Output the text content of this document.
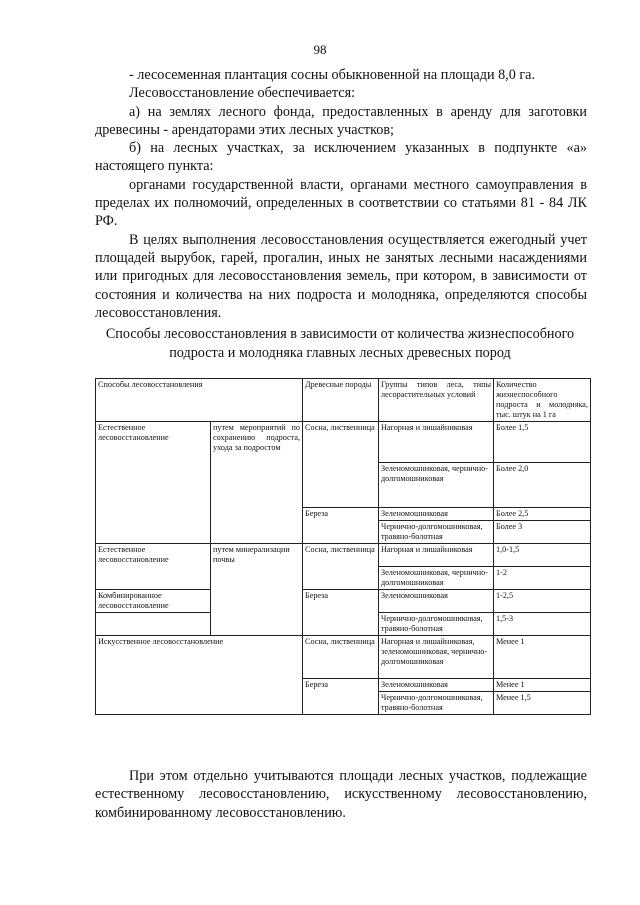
98

- лесосеменная плантация сосны обыкновенной на площади 8,0 га.

Лесовосстановление обеспечивается:

а) на землях лесного фонда, предоставленных в аренду для заготовки древесины - арендаторами этих лесных участков;

б) на лесных участках, за исключением указанных в подпункте «а» настоящего пункта:

органами государственной власти, органами местного самоуправления в пределах их полномочий, определенных в соответствии со статьями 81 - 84 ЛК РФ.

В целях выполнения лесовосстановления осуществляется ежегодный учет площадей вырубок, гарей, прогалин, иных не занятых лесными насаждениями или пригодных для лесовосстановления земель, при котором, в зависимости от состояния и количества на них подроста и молодняка, определяются способы лесовосстановления.

Способы лесовосстановления в зависимости от количества жизнеспособного подроста и молодняка главных лесных древесных пород
Способы лесовосстановления		Древесные породы	Группы типов леса, типы лесорастительных условий	Количество жизнеспособного подроста и молодняка, тыс. штук на 1 га
Естественное лесовосстановление	путем мероприятий по сохранению подроста, ухода за подростом	Сосна, лиственница	Нагорная и лишайниковая	Более 1,5
			Зеленомошниковая, чернично-долгомошниковая	Более 2,0
		Береза	Зеленомошниковая	Более 2,5
			Чернично-долгомошниковая, травяно-болотная	Более 3
Естественное лесовосстановление	путем минерализации почвы	Сосна, лиственница	Нагорная и лишайниковая	1,0-1,5
			Зеленомошниковая, чернично-долгомошниковая	1-2
Комбинированное лесовосстановление		Береза	Зеленомошниковая	1-2,5
			Чернично-долгомошниковая, травяно-болотная	1,5-3
Искусственное лесовосстановление		Сосна, лиственница	Нагорная и лишайниковая, зеленомошниковая, чернично-долгомошниковая	Менее 1
		Береза	Зеленомошниковая	Менее 1
			Чернично-долгомошниковая, травяно-болотная	Менее 1,5

При этом отдельно учитываются площади лесных участков, подлежащие естественному лесовосстановлению, искусственному лесовосстановлению, комбинированному лесовосстановлению.
